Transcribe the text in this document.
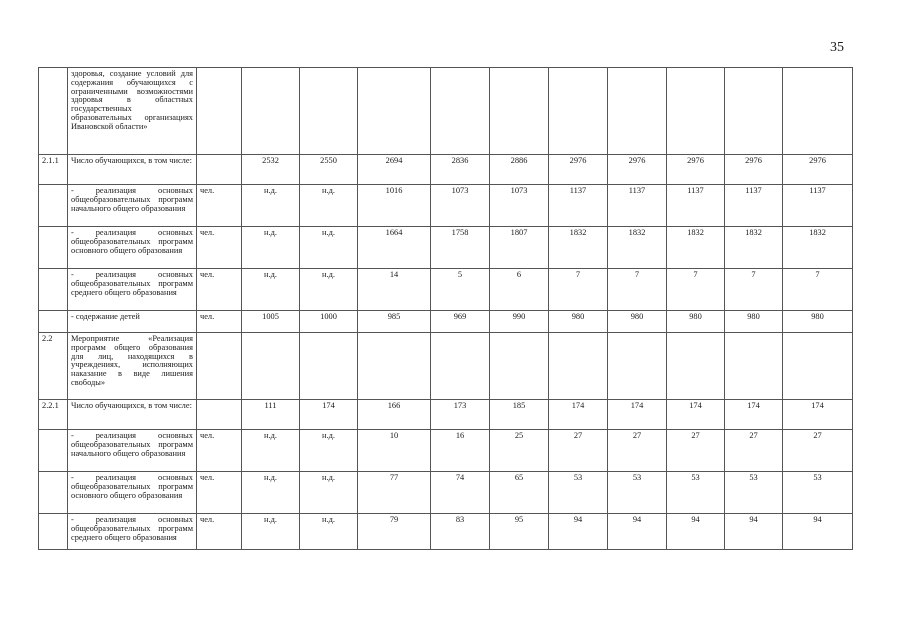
35
	здоровья, создание условий для содержания обучающихся с ограниченными возможностями здоровья в областных государственных образовательных организациях Ивановской области»												
2.1.1	Число обучающихся, в том числе:		2532	2550	2694	2836	2886	2976	2976	2976	2976	2976	
	- реализация основных общеобразовательных программ начального общего образования	чел.	н.д.	н.д.	1016	1073	1073	1137	1137	1137	1137	1137	
	- реализация основных общеобразовательных программ основного общего образования	чел.	н.д.	н.д.	1664	1758	1807	1832	1832	1832	1832	1832	
	- реализация основных общеобразовательных программ среднего общего образования	чел.	н.д.	н.д.	14	5	6	7	7	7	7	7	
	- содержание детей	чел.	1005	1000	985	969	990	980	980	980	980	980	
2.2	Мероприятие «Реализация программ общего образования для лиц, находящихся в учреждениях, исполняющих наказание в виде лишения свободы»												
2.2.1	Число обучающихся, в том числе:		111	174	166	173	185	174	174	174	174	174	
	- реализация основных общеобразовательных программ начального общего образования	чел.	н.д.	н.д.	10	16	25	27	27	27	27	27	
	- реализация основных общеобразовательных программ основного общего образования	чел.	н.д.	н.д.	77	74	65	53	53	53	53	53	
	- реализация основных общеобразовательных программ среднего общего образования	чел.	н.д.	н.д.	79	83	95	94	94	94	94	94	
